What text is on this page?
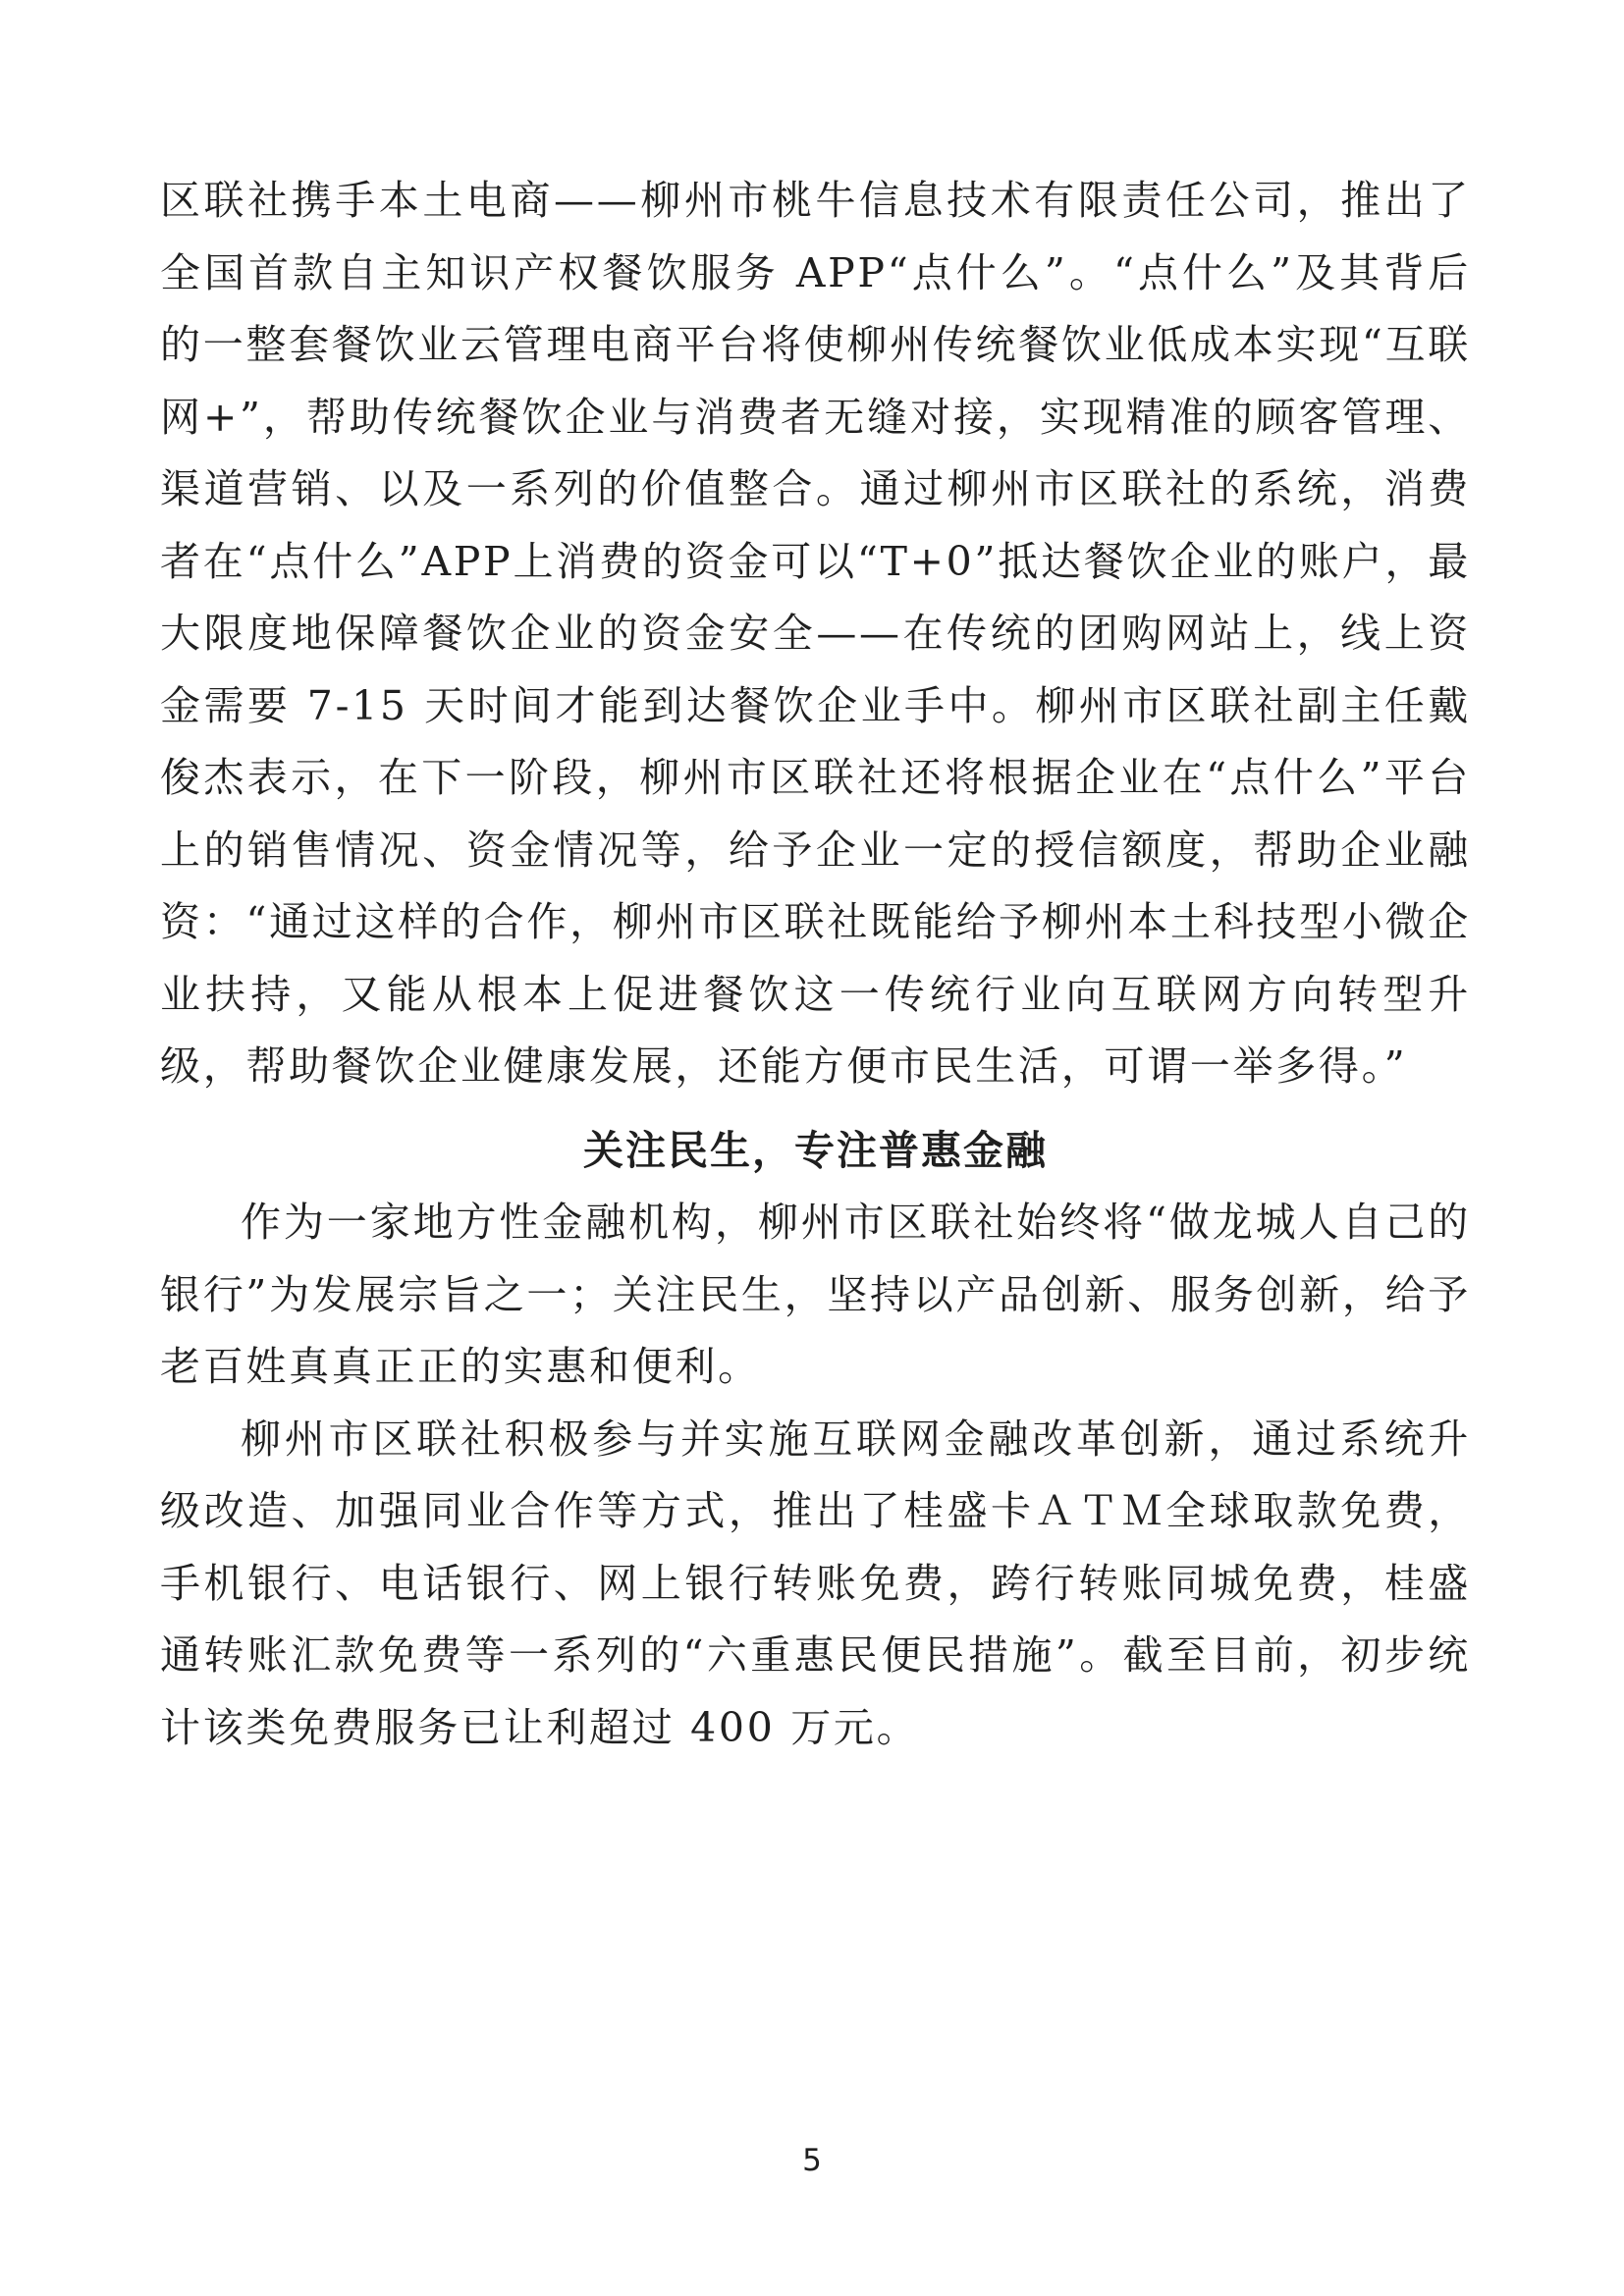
区联社携手本土电商——柳州市桃牛信息技术有限责任公司，推出了全国首款自主知识产权餐饮服务 APP“点什么”。“点什么”及其背后的一整套餐饮业云管理电商平台将使柳州传统餐饮业低成本实现“互联网+”，帮助传统餐饮企业与消费者无缝对接，实现精准的顾客管理、渠道营销、以及一系列的价值整合。通过柳州市区联社的系统，消费者在“点什么”APP上消费的资金可以“T+0”抵达餐饮企业的账户，最大限度地保障餐饮企业的资金安全——在传统的团购网站上，线上资金需要 7-15 天时间才能到达餐饮企业手中。柳州市区联社副主任戴俊杰表示，在下一阶段，柳州市区联社还将根据企业在“点什么”平台上的销售情况、资金情况等，给予企业一定的授信额度，帮助企业融资：“通过这样的合作，柳州市区联社既能给予柳州本土科技型小微企业扶持，又能从根本上促进餐饮这一传统行业向互联网方向转型升级，帮助餐饮企业健康发展，还能方便市民生活，可谓一举多得。”

关注民生，专注普惠金融

作为一家地方性金融机构，柳州市区联社始终将“做龙城人自己的银行”为发展宗旨之一；关注民生，坚持以产品创新、服务创新，给予老百姓真真正正的实惠和便利。

柳州市区联社积极参与并实施互联网金融改革创新，通过系统升级改造、加强同业合作等方式，推出了桂盛卡ＡＴＭ全球取款免费，手机银行、电话银行、网上银行转账免费，跨行转账同城免费，桂盛通转账汇款免费等一系列的“六重惠民便民措施”。截至目前，初步统计该类免费服务已让利超过 400 万元。

5
